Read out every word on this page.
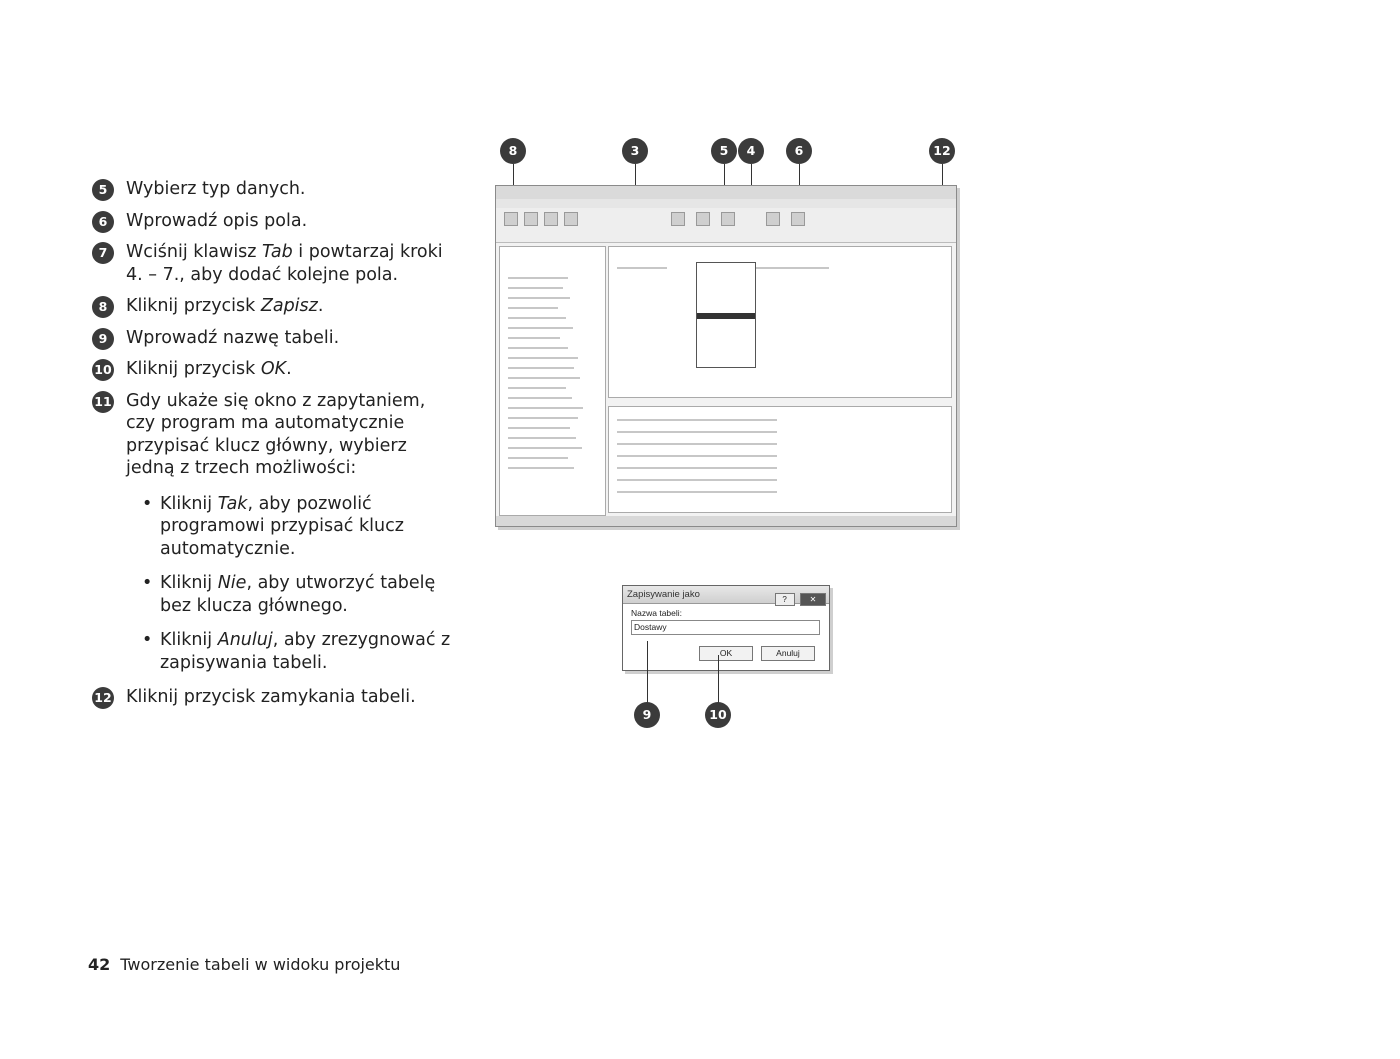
5	Wybierz typ danych.
6	Wprowadź opis pola.
7	Wciśnij klawisz Tab i powtarzaj kroki 4. – 7., aby dodać kolejne pola.
8	Kliknij przycisk Zapisz.
9	Wprowadź nazwę tabeli.
10 Kliknij przycisk OK.
11 Gdy ukaże się okno z zapytaniem, czy program ma automatycznie przypisać klucz główny, wybierz jedną z trzech możliwości:
• Kliknij Tak, aby pozwolić programowi przypisać klucz automatycznie.
• Kliknij Nie, aby utworzyć tabelę bez klucza głównego.
• Kliknij Anuluj, aby zrezygnować z zapisywania tabeli.
12 Kliknij przycisk zamykania tabeli.
8	3	5	4	6	12
Zapisywanie jako	?	✕
Nazwa tabeli:
Dostawy
OK	Anuluj
9	10
42 Tworzenie tabeli w widoku projektu
